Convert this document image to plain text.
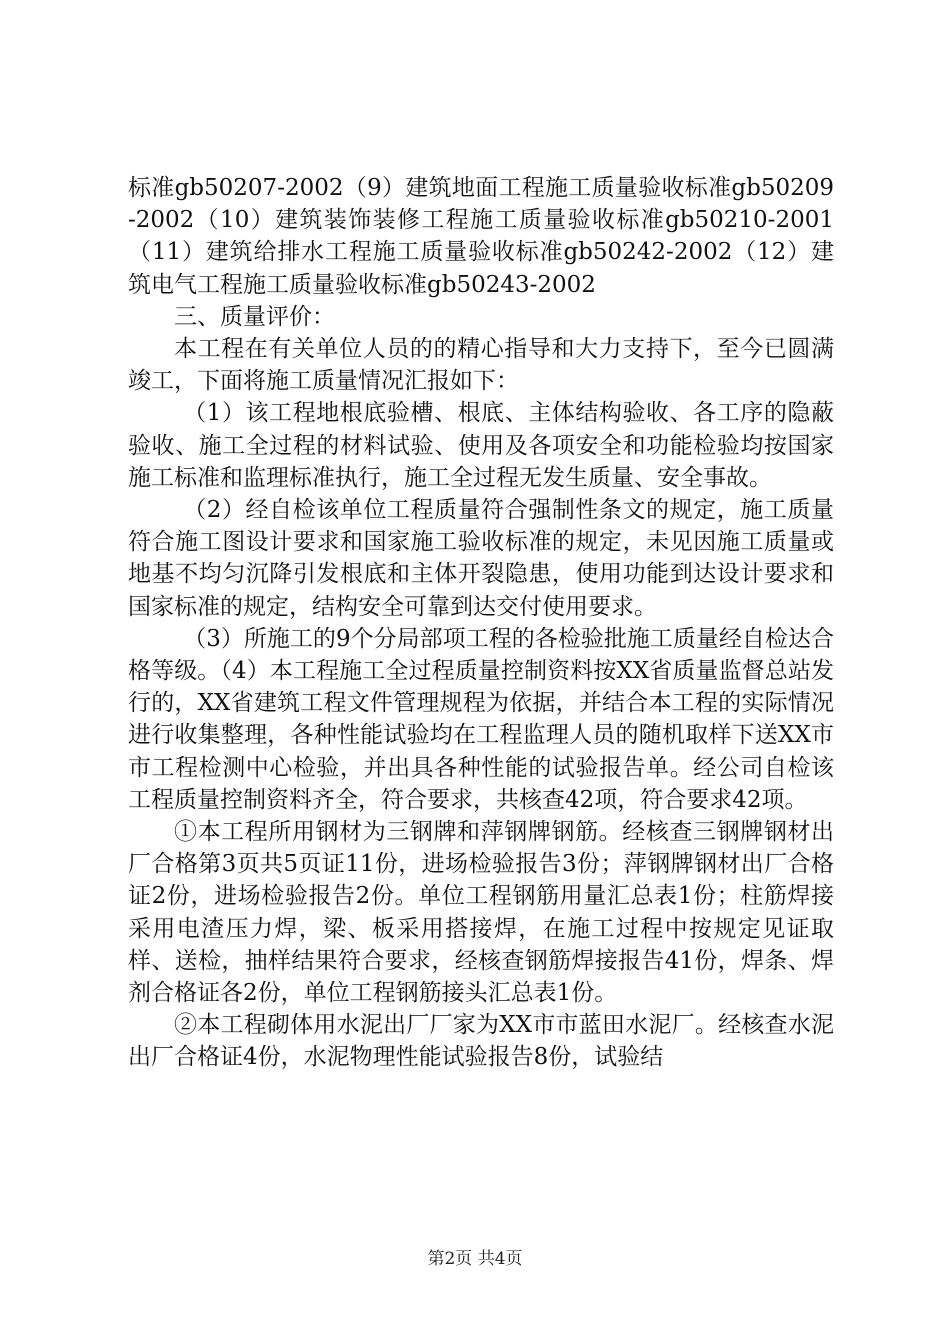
标准gb50207-2002（9）建筑地面工程施工质量验收标准gb50209-2002（10）建筑装饰装修工程施工质量验收标准gb50210-2001（11）建筑给排水工程施工质量验收标准gb50242-2002（12）建筑电气工程施工质量验收标准gb50243-2002

三、质量评价：

本工程在有关单位人员的的精心指导和大力支持下，至今已圆满竣工，下面将施工质量情况汇报如下：

（1）该工程地根底验槽、根底、主体结构验收、各工序的隐蔽验收、施工全过程的材料试验、使用及各项安全和功能检验均按国家施工标准和监理标准执行，施工全过程无发生质量、安全事故。

（2）经自检该单位工程质量符合强制性条文的规定，施工质量符合施工图设计要求和国家施工验收标准的规定，未见因施工质量或地基不均匀沉降引发根底和主体开裂隐患，使用功能到达设计要求和国家标准的规定，结构安全可靠到达交付使用要求。

（3）所施工的9个分局部项工程的各检验批施工质量经自检达合格等级。（4）本工程施工全过程质量控制资料按XX省质量监督总站发行的，XX省建筑工程文件管理规程为依据，并结合本工程的实际情况进行收集整理，各种性能试验均在工程监理人员的随机取样下送XX市市工程检测中心检验，并出具各种性能的试验报告单。经公司自检该工程质量控制资料齐全，符合要求，共核查42项，符合要求42项。

①本工程所用钢材为三钢牌和萍钢牌钢筋。经核查三钢牌钢材出厂合格第3页共5页证11份，进场检验报告3份；萍钢牌钢材出厂合格证2份，进场检验报告2份。单位工程钢筋用量汇总表1份；柱筋焊接采用电渣压力焊，梁、板采用搭接焊，在施工过程中按规定见证取样、送检，抽样结果符合要求，经核查钢筋焊接报告41份，焊条、焊剂合格证各2份，单位工程钢筋接头汇总表1份。

②本工程砌体用水泥出厂厂家为XX市市蓝田水泥厂。经核查水泥出厂合格证4份，水泥物理性能试验报告8份，试验结

第2页 共4页
